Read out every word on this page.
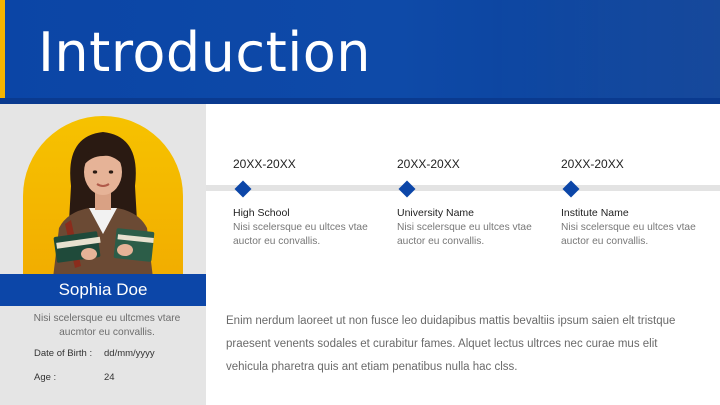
Introduction
Sophia Doe
Nisi scelersque eu ultcmes vtare aucmtor eu convallis.
Date of Birth :	dd/mm/yyyy
Age :	24
20XX-20XX
High School
Nisi scelersque eu ultces vtae auctor eu convallis.
20XX-20XX
University Name
Nisi scelersque eu ultces vtae auctor eu convallis.
20XX-20XX
Institute Name
Nisi scelersque eu ultces vtae auctor eu convallis.
Enim nerdum laoreet ut non fusce leo duidapibus mattis bevaltiis ipsum saien elt tristque praesent venents sodales et curabitur fames. Alquet lectus ultrces nec curae mus elit vehicula pharetra quis ant etiam penatibus nulla hac clss.
